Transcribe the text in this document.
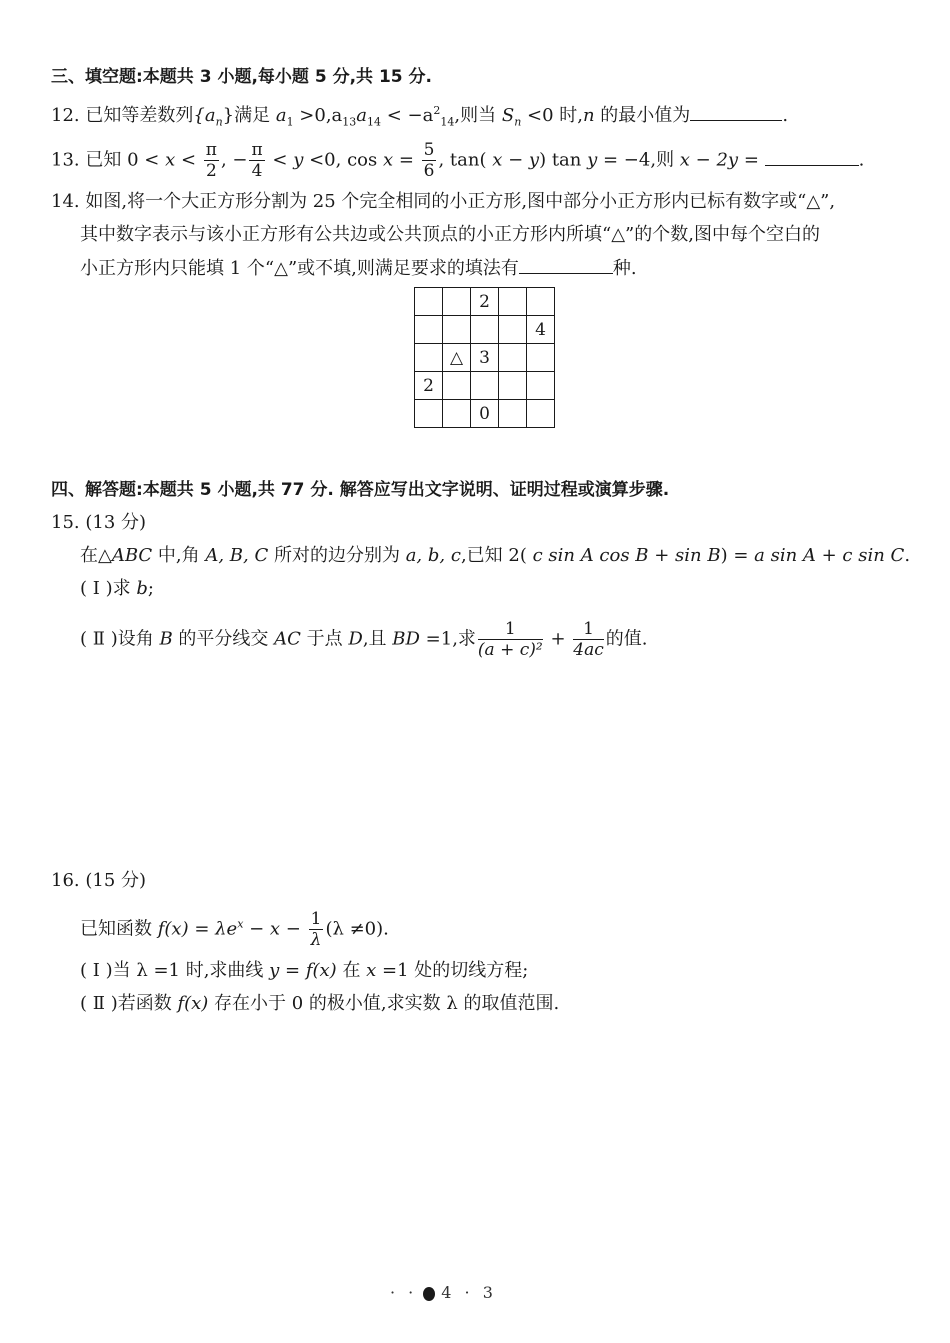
三、填空题:本题共 3 小题,每小题 5 分,共 15 分.
12. 已知等差数列$\{a_n\}$满足 $a_1 >0,a_{13}a_{14} < -a^2_{14}$,则当 $S_n <0$ 时,n 的最小值为	.
13. 已知 $0 < x < \frac{\pi}{2}$ , − $\frac{\pi}{4} < y <0$, $\cos x = \frac{5}{6}$ , tan( x − y) tan y = −4,则 x − 2y =	.
14. 如图,将一个大正方形分割为 25 个完全相同的小正方形,图中部分小正方形内已标有数字或“△”,
其中数字表示与该小正方形有公共边或公共顶点的小正方形内所填“△”的个数,图中每个空白的
小正方形内只能填 1 个“△”或不填,则满足要求的填法有	种.
		2		
				4
	△	3		
2				
		0		
四、解答题:本题共 5 小题,共 77 分. 解答应写出文字说明、证明过程或演算步骤.
15. (13 分)
在△ABC 中,角 A, B, C 所对的边分别为 a, b, c,已知 2( c sin A cos B + sin B) = a sin A + c sin C.
( Ⅰ )求 b;
( Ⅱ )设角 B 的平分线交 AC 于点 D,且 BD =1,求 $\frac{1}{\text{(a + c)²}} + \frac{1}{4ac}$ 的值.
16. (15 分)
已知函数 $f(x) = \lambda e^x - x - \frac{1}{\lambda} (\lambda \ne 0)$.
( Ⅰ )当 λ =1 时,求曲线 y = f(x) 在 x =1 处的切线方程;
( Ⅱ )若函数 f(x) 存在小于 0 的极小值,求实数 λ 的取值范围.
· · 4 · 3
